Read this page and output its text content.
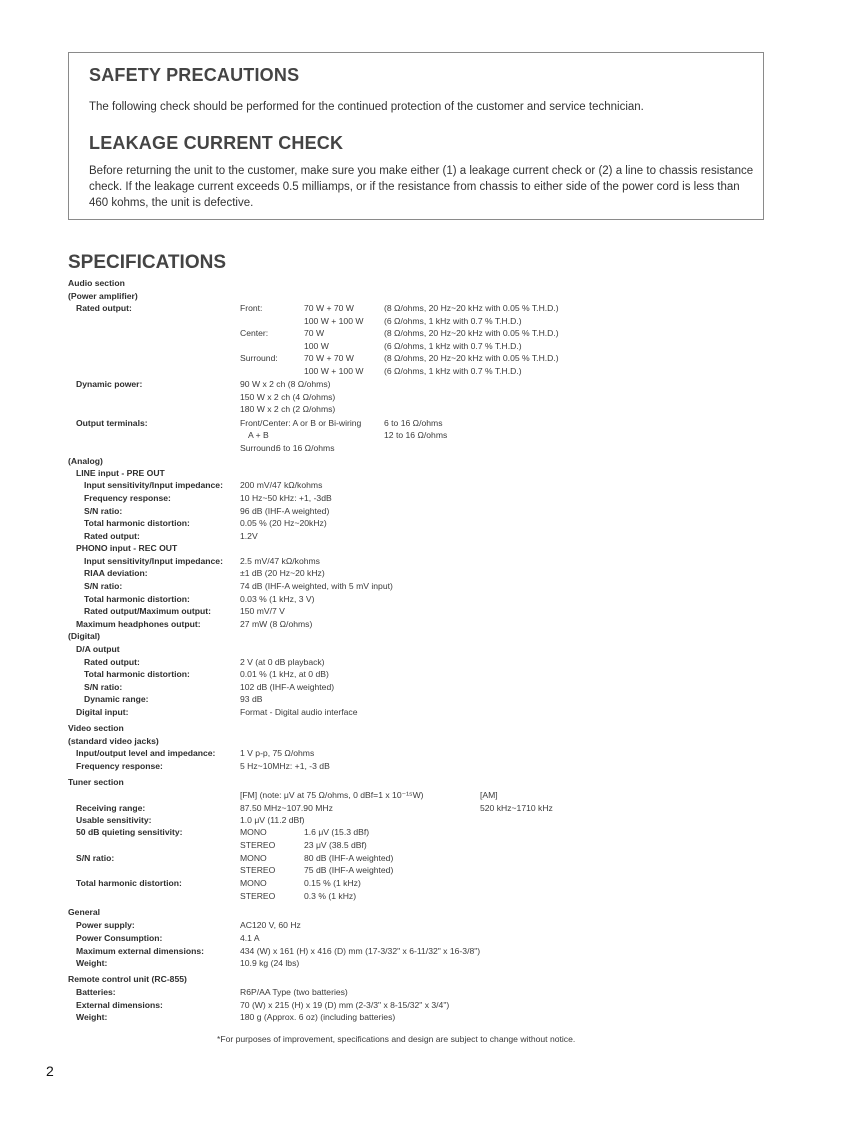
SAFETY PRECAUTIONS

The following check should be performed for the continued protection of the customer and service technician.

LEAKAGE CURRENT CHECK

Before returning the unit to the customer, make sure you make either (1) a leakage current check or (2) a line to chassis resistance check. If the leakage current exceeds 0.5 milliamps, or if the resistance from chassis to either side of the power cord is less than 460 kohms, the unit is defective.

SPECIFICATIONS
Audio section
(Power amplifier)
Rated output:	Front:	70 W + 70 W	(8 Ω/ohms, 20 Hz~20 kHz with 0.05 % T.H.D.)
100 W + 100 W (6 Ω/ohms, 1 kHz with 0.7 % T.H.D.)
Center:	70 W	(8 Ω/ohms, 20 Hz~20 kHz with 0.05 % T.H.D.)
100 W	(6 Ω/ohms, 1 kHz with 0.7 % T.H.D.)
Surround:	70 W + 70 W	(8 Ω/ohms, 20 Hz~20 kHz with 0.05 % T.H.D.)
100 W + 100 W (6 Ω/ohms, 1 kHz with 0.7 % T.H.D.)
Dynamic power:	90 W x 2 ch (8 Ω/ohms)
150 W x 2 ch (4 Ω/ohms)
180 W x 2 ch (2 Ω/ohms)
Output terminals:	Front/Center: A or B or Bi-wiring	6 to 16 Ω/ohms
A + B	12 to 16 Ω/ohms
Surround:
6 to 16 Ω/ohms
(Analog)
LINE input - PRE OUT
Input sensitivity/Input impedance: 200 mV/47 kΩ/kohms
Frequency response:	10 Hz~50 kHz: +1, -3dB
S/N ratio:	96 dB (IHF-A weighted)
Total harmonic distortion:	0.05 % (20 Hz~20kHz)
Rated output:	1.2V
PHONO input - REC OUT
Input sensitivity/Input impedance: 2.5 mV/47 kΩ/kohms
RIAA deviation:	±1 dB (20 Hz~20 kHz)
S/N ratio:	74 dB (IHF-A weighted, with 5 mV input)
Total harmonic distortion:	0.03 % (1 kHz, 3 V)
Rated output/Maximum output:	150 mV/7 V
Maximum headphones output:	27 mW (8 Ω/ohms)
(Digital)
D/A output
Rated output:	2 V (at 0 dB playback)
Total harmonic distortion:	0.01 % (1 kHz, at 0 dB)
S/N ratio:	102 dB (IHF-A weighted)
Dynamic range:	93 dB
Digital input:	Format - Digital audio interface
Video section
(standard video jacks)
Input/output level and impedance:	1 V p-p, 75 Ω/ohms
Frequency response:	5 Hz~10MHz: +1, -3 dB
Tuner section
[FM] (note: μV at 75 Ω/ohms, 0 dBf=1 x 10⁻¹⁵W)	[AM]
Receiving range:	87.50 MHz~107.90 MHz	520 kHz~1710 kHz
Usable sensitivity:	1.0 μV (11.2 dBf)
50 dB quieting sensitivity:	MONO	1.6 μV (15.3 dBf)
STEREO	23 μV (38.5 dBf)
S/N ratio:	MONO	80 dB (IHF-A weighted)
STEREO	75 dB (IHF-A weighted)
Total harmonic distortion:	MONO	0.15 % (1 kHz)
STEREO	0.3 % (1 kHz)
General
Power supply:	AC120 V, 60 Hz
Power Consumption:	4.1 A
Maximum external dimensions:	434 (W) x 161 (H) x 416 (D) mm (17-3/32" x 6-11/32" x 16-3/8")
Weight:	10.9 kg (24 lbs)
Remote control unit (RC-855)
Batteries:	R6P/AA Type (two batteries)
External dimensions:	70 (W) x 215 (H) x 19 (D) mm (2-3/3" x 8-15/32" x 3/4")
Weight:	180 g (Approx. 6 oz) (including batteries)
*For purposes of improvement, specifications and design are subject to change without notice.
2
